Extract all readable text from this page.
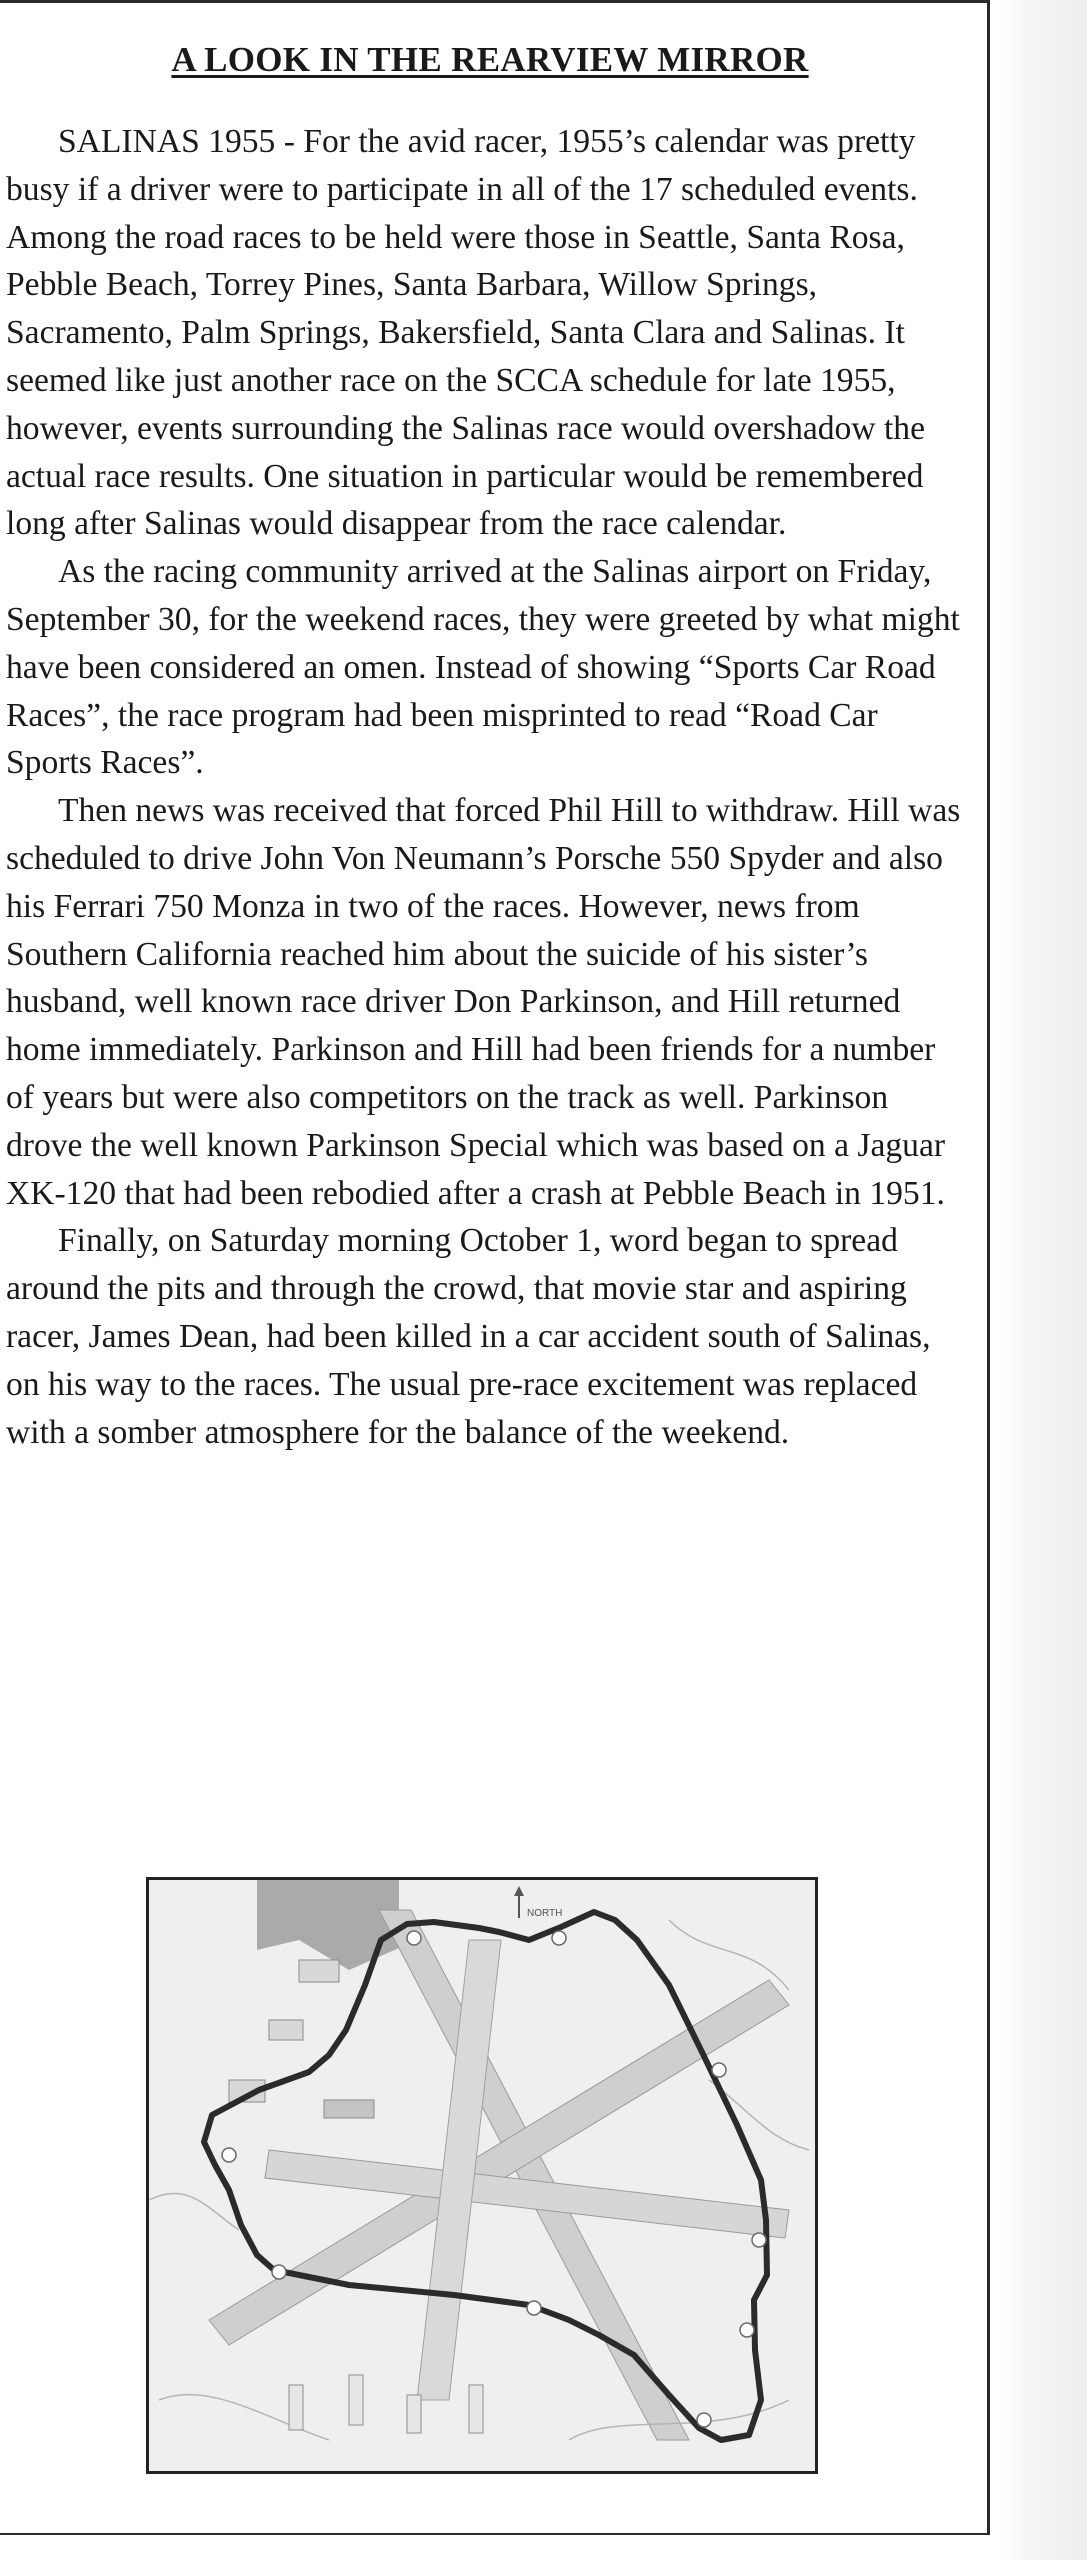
A LOOK IN THE REARVIEW MIRROR

SALINAS 1955 - For the avid racer, 1955’s calendar was pretty busy if a driver were to participate in all of the 17 scheduled events. Among the road races to be held were those in Seattle, Santa Rosa, Pebble Beach, Torrey Pines, Santa Barbara, Willow Springs, Sacramento, Palm Springs, Bakersfield, Santa Clara and Salinas. It seemed like just another race on the SCCA schedule for late 1955, however, events surrounding the Salinas race would overshadow the actual race results. One situation in particular would be remembered long after Salinas would disappear from the race calendar.

As the racing community arrived at the Salinas airport on Friday, September 30, for the weekend races, they were greeted by what might have been considered an omen. Instead of showing “Sports Car Road Races”, the race program had been misprinted to read “Road Car Sports Races”.

Then news was received that forced Phil Hill to withdraw. Hill was scheduled to drive John Von Neumann’s Porsche 550 Spyder and also his Ferrari 750 Monza in two of the races. However, news from Southern California reached him about the suicide of his sister’s husband, well known race driver Don Parkinson, and Hill returned home immediately. Parkinson and Hill had been friends for a number of years but were also competitors on the track as well. Parkinson drove the well known Parkinson Special which was based on a Jaguar XK-120 that had been rebodied after a crash at Pebble Beach in 1951.

Finally, on Saturday morning October 1, word began to spread around the pits and through the crowd, that movie star and aspiring racer, James Dean, had been killed in a car accident south of Salinas, on his way to the races. The usual pre-race excitement was replaced with a somber atmosphere for the balance of the weekend.

NORTH
